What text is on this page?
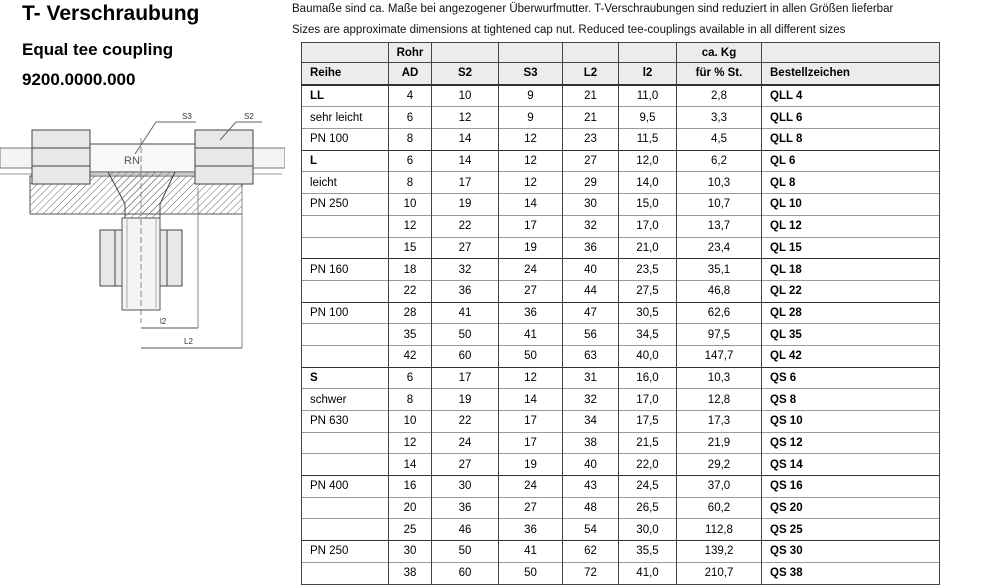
T- Verschraubung
Equal tee coupling
9200.0000.000
RN
S3	S2
l2
L2
Baumaße sind ca. Maße bei angezogener Überwurfmutter. T-Verschraubungen sind reduziert in allen Größen lieferbar
Sizes are approximate dimensions at tightened cap nut. Reduced tee-couplings available in all different sizes
	Rohr					ca. Kg	
Reihe	AD	S2	S3	L2	l2	für % St.	Bestellzeichen
LL	4	10	9	21	11,0	2,8	QLL 4
sehr leicht	6	12	9	21	9,5	3,3	QLL 6
PN 100	8	14	12	23	11,5	4,5	QLL 8
L	6	14	12	27	12,0	6,2	QL 6
leicht	8	17	12	29	14,0	10,3	QL 8
PN 250	10	19	14	30	15,0	10,7	QL 10
	12	22	17	32	17,0	13,7	QL 12
	15	27	19	36	21,0	23,4	QL 15
PN 160	18	32	24	40	23,5	35,1	QL 18
	22	36	27	44	27,5	46,8	QL 22
PN 100	28	41	36	47	30,5	62,6	QL 28
	35	50	41	56	34,5	97,5	QL 35
	42	60	50	63	40,0	147,7	QL 42
S	6	17	12	31	16,0	10,3	QS 6
schwer	8	19	14	32	17,0	12,8	QS 8
PN 630	10	22	17	34	17,5	17,3	QS 10
	12	24	17	38	21,5	21,9	QS 12
	14	27	19	40	22,0	29,2	QS 14
PN 400	16	30	24	43	24,5	37,0	QS 16
	20	36	27	48	26,5	60,2	QS 20
	25	46	36	54	30,0	112,8	QS 25
PN 250	30	50	41	62	35,5	139,2	QS 30
	38	60	50	72	41,0	210,7	QS 38
